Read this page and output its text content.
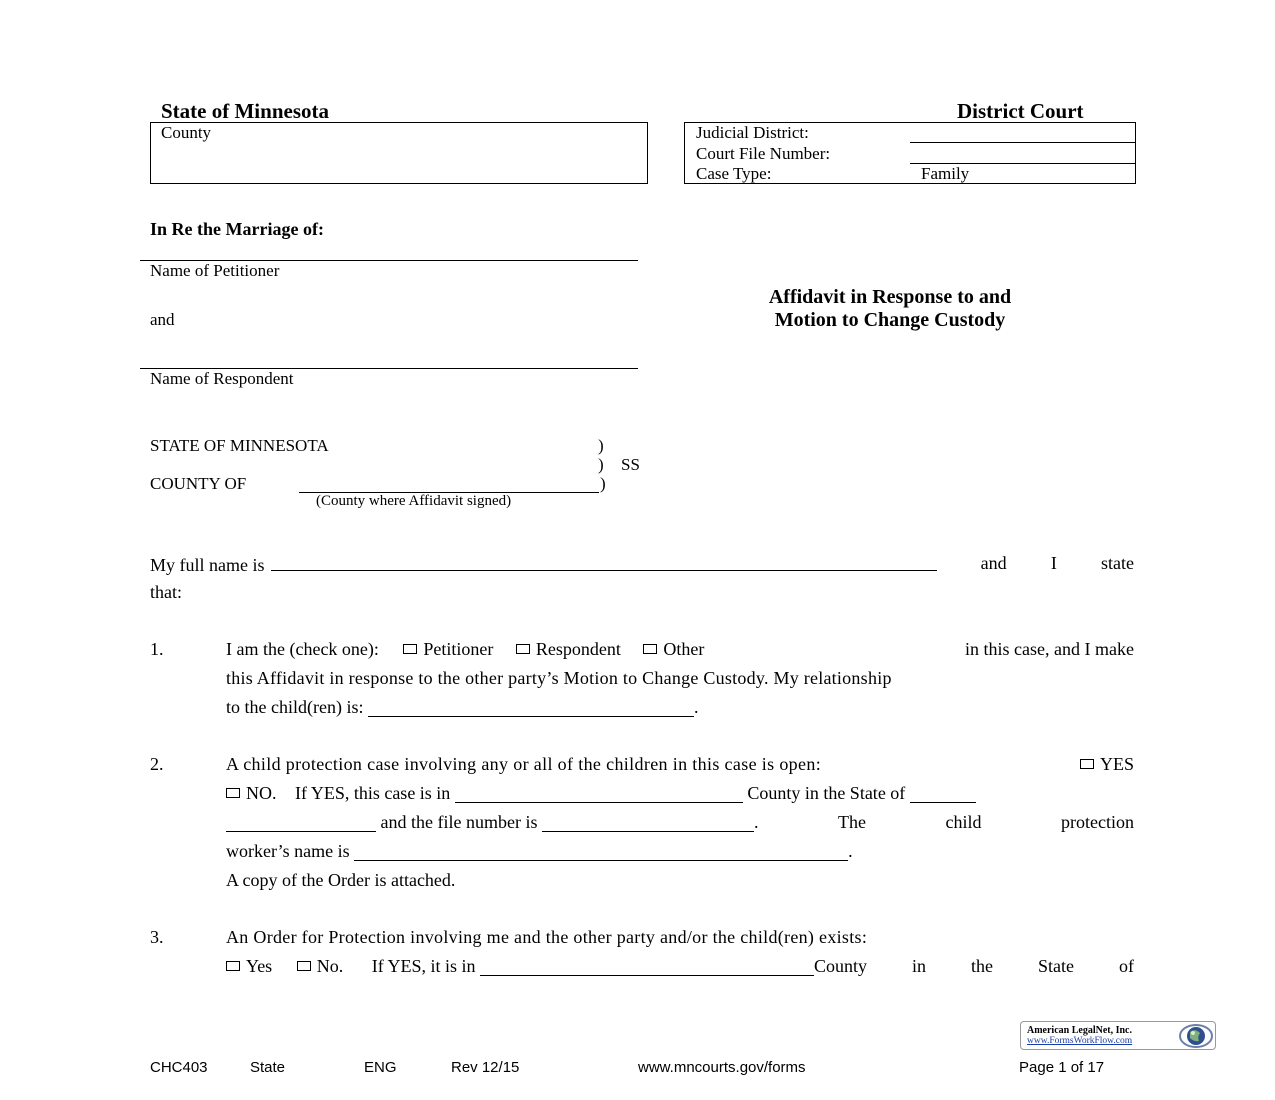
State of Minnesota	District Court
County	Judicial District:
Court File Number:
Case Type:	Family
In Re the Marriage of:
Name of Petitioner
and
Name of Respondent
Affidavit in Response to and
Motion to Change Custody
STATE OF MINNESOTA	)
) SS
COUNTY OF	)
(County where Affidavit signed)
My full name is	and I state
that:
1.	I am the (check one): Petitioner Respondent Other	in this case, and I make
this Affidavit in response to the other party’s Motion to Change Custody. My relationship
to the child(ren) is:	.
2.	A child protection case involving any or all of the children in this case is open:	YES
NO. If YES, this case is in	County in the State of
and the file number is	.	The	child	protection
worker’s name is	.
A copy of the Order is attached.
3.	An Order for Protection involving me and the other party and/or the child(ren) exists:
Yes No. If YES, it is in	County in the State of
American LegalNet, Inc.
www.FormsWorkFlow.com
CHC403	State	ENG	Rev 12/15	www.mncourts.gov/forms	Page 1 of 17
